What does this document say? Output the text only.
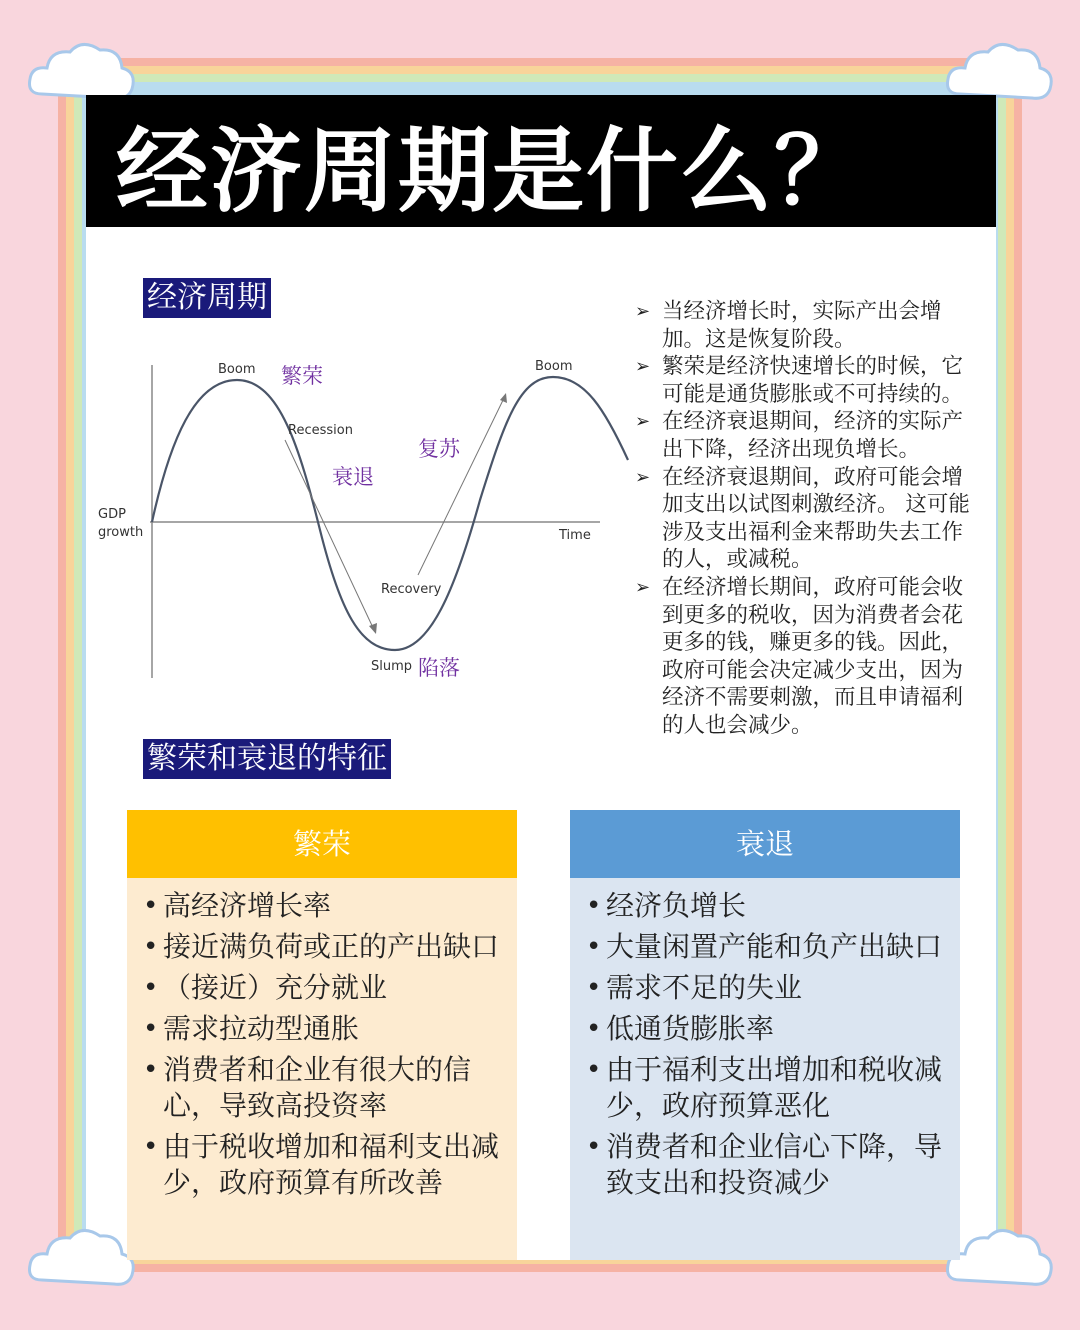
经济周期是什么？
经济周期
繁荣和衰退的特征
GDP
growth	Time
Boom 繁荣
Recession
衰退
复苏
Boom
Recovery
Slump 陷落
➢ 当经济增长时，实际产出会增加。这是恢复阶段。
➢ 繁荣是经济快速增长的时候，它可能是通货膨胀或不可持续的。
➢ 在经济衰退期间，经济的实际产出下降，经济出现负增长。
➢ 在经济衰退期间，政府可能会增加支出以试图刺激经济。 这可能涉及支出福利金来帮助失去工作的人，或减税。
➢ 在经济增长期间，政府可能会收到更多的税收，因为消费者会花更多的钱，赚更多的钱。因此，政府可能会决定减少支出，因为经济不需要刺激，而且申请福利的人也会减少。
繁荣
• 高经济增长率
• 接近满负荷或正的产出缺口
• （接近）充分就业
• 需求拉动型通胀
• 消费者和企业有很大的信心，导致高投资率
• 由于税收增加和福利支出减少，政府预算有所改善
衰退
• 经济负增长
• 大量闲置产能和负产出缺口
• 需求不足的失业
• 低通货膨胀率
• 由于福利支出增加和税收减少，政府预算恶化
• 消费者和企业信心下降，导致支出和投资减少
